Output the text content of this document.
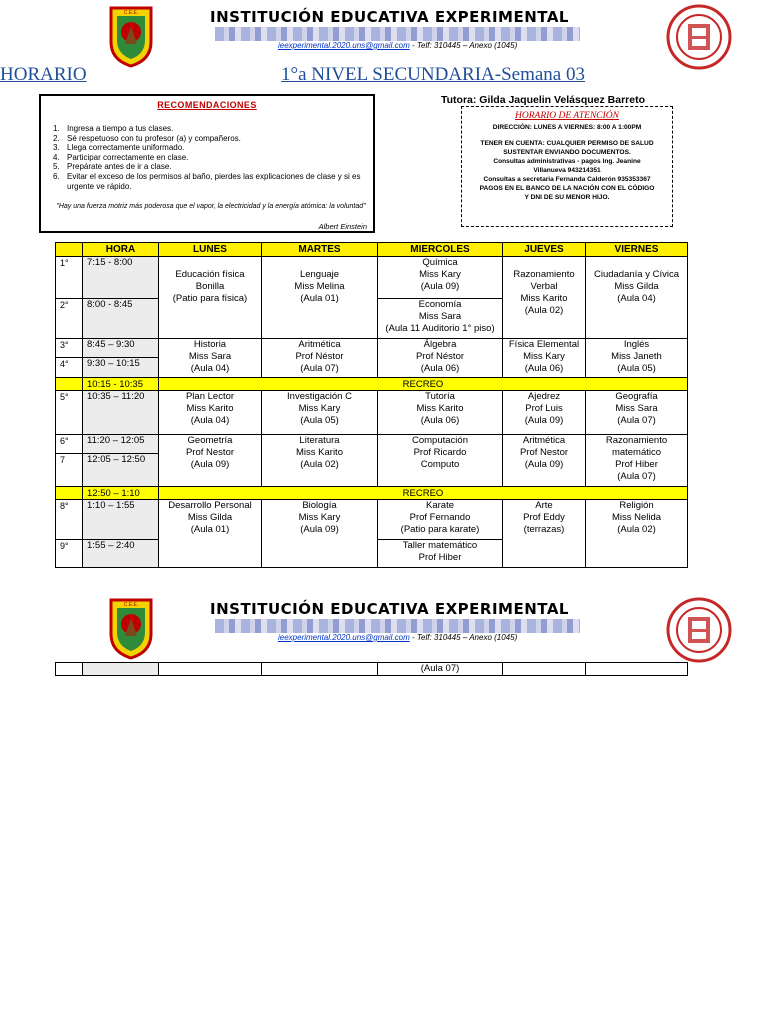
C.E.E.	INSTITUCIÓN EDUCATIVA EXPERIMENTAL
ieexperimental.2020.uns@gmail.com - Telf: 310445 – Anexo (1045)
HORARIO	1°a NIVEL SECUNDARIA-Semana 03
RECOMENDACIONES
1. Ingresa a tiempo a tus clases.
2. Sé respetuoso con tu profesor (a) y compañeros.
3. Llega correctamente uniformado.
4. Participar correctamente en clase.
5. Prepárate antes de ir a clase.
6. Evitar el exceso de los permisos al baño, pierdes las explicaciones de clase y si es urgente ve rápido.
"Hay una fuerza motriz más poderosa que el vapor, la electricidad y la energía atómica: la voluntad"
Albert Einstein
Tutora: Gilda Jaquelin Velásquez Barreto
HORARIO DE ATENCIÓN
DIRECCIÓN: LUNES A VIERNES: 8:00 A 1:00PM
TENER EN CUENTA: CUALQUIER PERMISO DE SALUD
SUSTENTAR ENVIANDO DOCUMENTOS.
Consultas administrativas - pagos lng. Jeanine
Villanueva 943214351
Consultas a secretaria Fernanda Calderón 935353367
PAGOS EN EL BANCO DE LA NACIÓN CON EL CÓDIGO
Y DNI DE SU MENOR HIJO.
	HORA	LUNES	MARTES	MIERCOLES	JUEVES	VIERNES
1°	7:15 - 8:00	Educación física
Bonilla
(Patio para física)	Lenguaje
Miss Melina
(Aula 01)	Química
Miss Kary
(Aula 09)	Razonamiento
Verbal
Miss Karito
(Aula 02)	Ciudadanía y Cívica
Miss Gilda
(Aula 04)
2°	8:00 - 8:45			Economía
Miss Sara
(Aula 11 Auditorio 1° piso)		
3°	8:45 – 9:30	Historia
Miss Sara
(Aula 04)	Aritmética
Prof Néstor
(Aula 07)	Álgebra
Prof Néstor
(Aula 06)	Física Elemental
Miss Kary
(Aula 06)	Inglés
Miss Janeth
(Aula 05)
4°	9:30 – 10:15					
	10:15 - 10:35	RECREO				
5°	10:35 – 11:20	Plan Lector
Miss Karito
(Aula 04)	Investigación C
Miss Kary
(Aula 05)	Tutoría
Miss Karito
(Aula 06)	Ajedrez
Prof Luis
(Aula 09)	Geografía
Miss Sara
(Aula 07)
6°	11:20 – 12:05	Geometría
Prof Nestor
(Aula 09)	Literatura
Miss Karito
(Aula 02)	Computación
Prof Ricardo
Computo	Aritmética
Prof Nestor
(Aula 09)	Razonamiento
matemático
Prof Hiber
(Aula 07)
7	12:05 – 12:50					
	12:50 – 1:10	RECREO				
8°	1:10 – 1:55	Desarrollo Personal
Miss Gilda
(Aula 01)	Biología
Miss Kary
(Aula 09)	Karate
Prof Fernando
(Patio para karate)	Arte
Prof Eddy
(terrazas)	Religión
Miss Nelida
(Aula 02)
9°	1:55 – 2:40			Taller matemático
Prof Hiber		
C.E.E.	INSTITUCIÓN EDUCATIVA EXPERIMENTAL
ieexperimental.2020.uns@gmail.com - Telf: 310445 – Anexo (1045)
				(Aula 07)		
